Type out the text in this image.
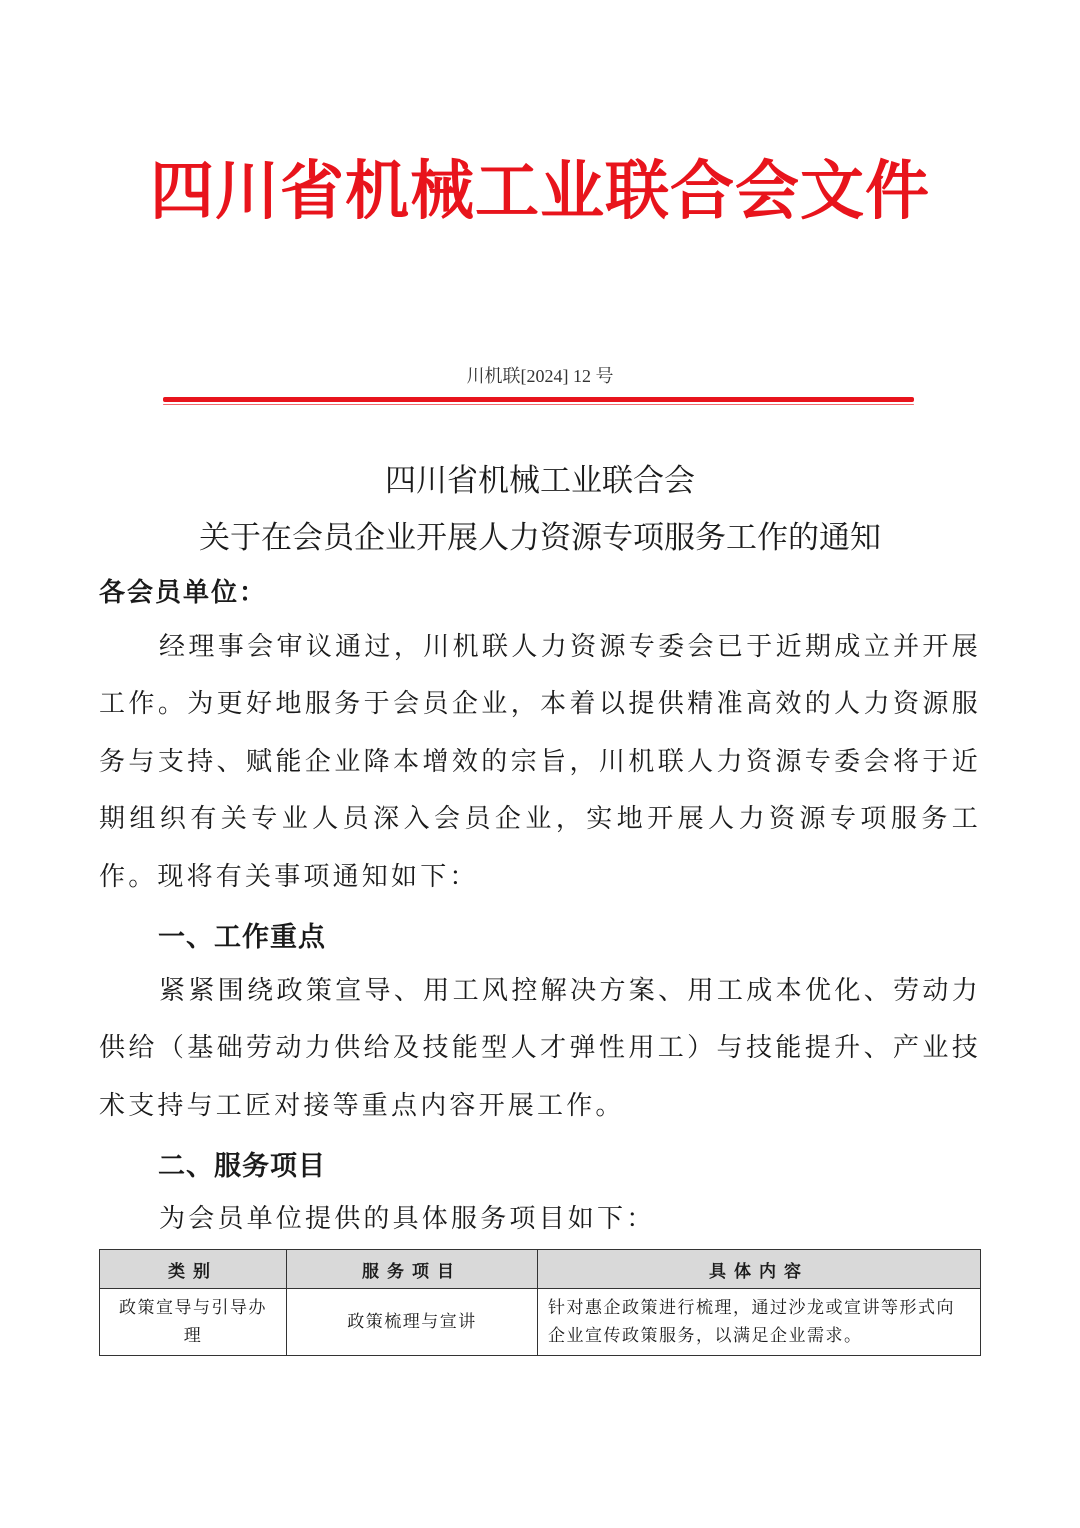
四川省机械工业联合会文件
川机联[2024] 12 号
四川省机械工业联合会
关于在会员企业开展人力资源专项服务工作的通知
各会员单位：

经理事会审议通过，川机联人力资源专委会已于近期成立并开展工作。为更好地服务于会员企业，本着以提供精准高效的人力资源服务与支持、赋能企业降本增效的宗旨，川机联人力资源专委会将于近期组织有关专业人员深入会员企业，实地开展人力资源专项服务工作。现将有关事项通知如下：

一、工作重点

紧紧围绕政策宣导、用工风控解决方案、用工成本优化、劳动力供给（基础劳动力供给及技能型人才弹性用工）与技能提升、产业技术支持与工匠对接等重点内容开展工作。

二、服务项目

为会员单位提供的具体服务项目如下：

类别	服务项目	具体内容
政策宣导与引导办理	政策梳理与宣讲	针对惠企政策进行梳理，通过沙龙或宣讲等形式向企业宣传政策服务，以满足企业需求。
